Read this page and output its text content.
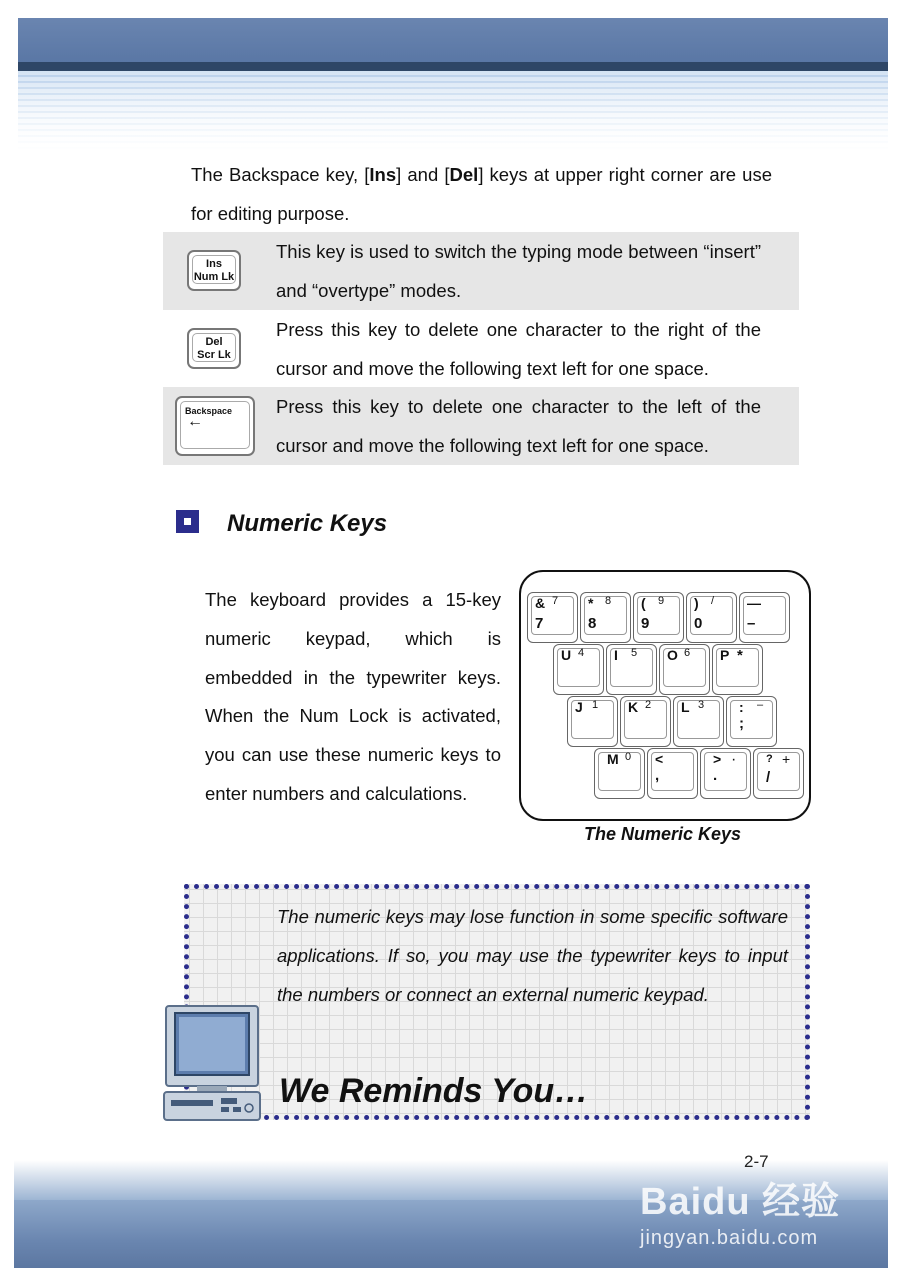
The Backspace key, [Ins] and [Del] keys at upper right corner are use for editing purpose.

Ins
Num Lk
This key is used to switch the typing mode between “insert” and “overtype” modes.
Del
Scr Lk
Press this key to delete one character to the right of the cursor and move the following text left for one space.
Backspace
←
Press this key to delete one character to the left of the cursor and move the following text left for one space.
Numeric Keys

The keyboard provides a 15-key numeric keypad, which is embedded in the typewriter keys. When the Num Lock is activated, you can use these numeric keys to enter numbers and calculations.

& 7
7
* 8
8
( 9
9
) /
0
—
–
U 4 I 5 O 6 P *
J 1 K 2 L 3 : –
;
M 0 <
,
> ·
.
? +
/
The Numeric Keys

The numeric keys may lose function in some specific software applications. If so, you may use the typewriter keys to input the numbers or connect an external numeric keypad.

We Reminds You…
2-7
Baidu 经验
jingyan.baidu.com
